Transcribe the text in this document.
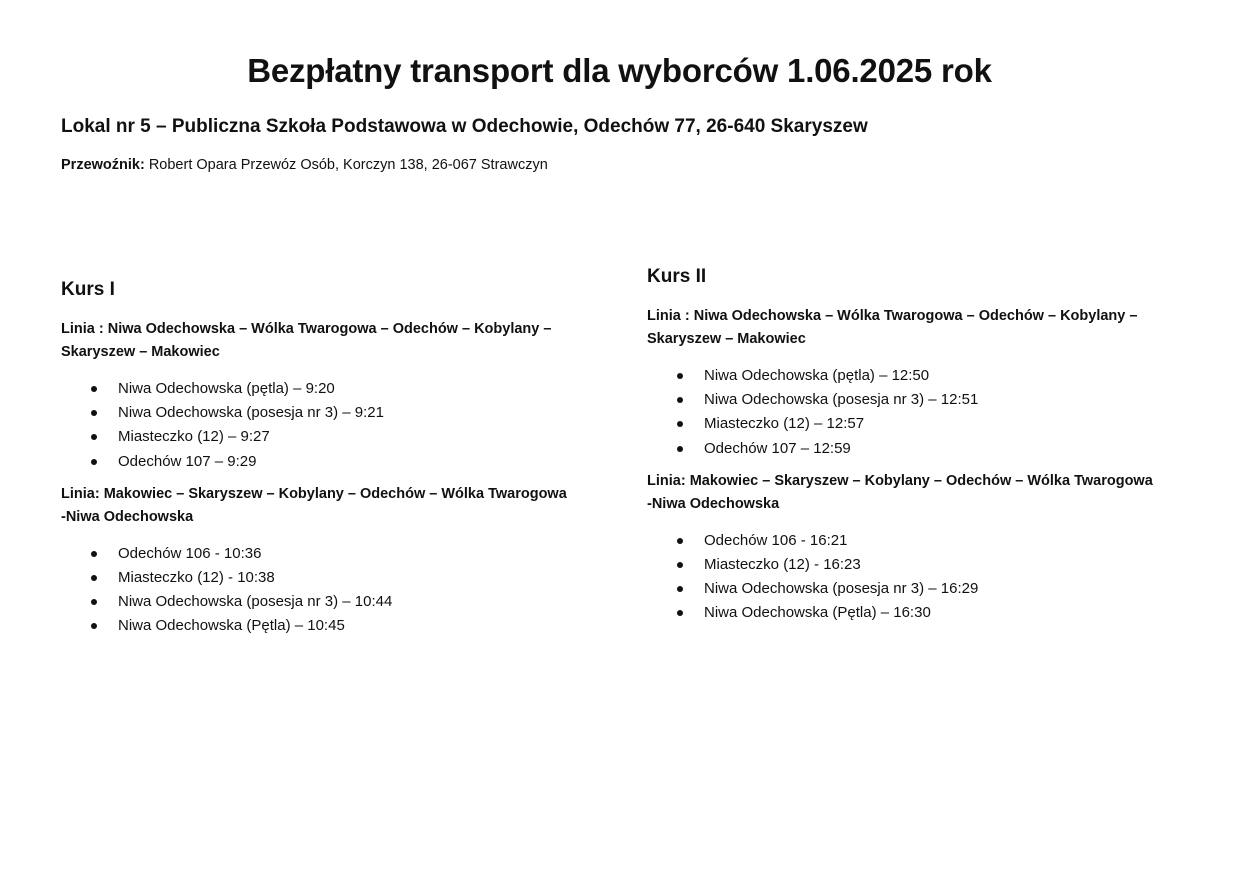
Bezpłatny transport dla wyborców 1.06.2025 rok
Lokal nr 5 – Publiczna Szkoła Podstawowa w Odechowie, Odechów 77, 26-640 Skaryszew

Przewoźnik: Robert Opara Przewóz Osób, Korczyn 138, 26-067 Strawczyn

Kurs I
Linia : Niwa Odechowska – Wólka Twarogowa – Odechów – Kobylany –
Skaryszew – Makowiec
Niwa Odechowska (pętla) – 9:20
Niwa Odechowska (posesja nr 3) – 9:21
Miasteczko (12) – 9:27
Odechów 107 – 9:29
Linia: Makowiec – Skaryszew – Kobylany – Odechów – Wólka Twarogowa
-Niwa Odechowska
Odechów 106 - 10:36
Miasteczko (12) - 10:38
Niwa Odechowska (posesja nr 3) – 10:44
Niwa Odechowska (Pętla) – 10:45
Kurs II
Linia : Niwa Odechowska – Wólka Twarogowa – Odechów – Kobylany –
Skaryszew – Makowiec
Niwa Odechowska (pętla) – 12:50
Niwa Odechowska (posesja nr 3) – 12:51
Miasteczko (12) – 12:57
Odechów 107 – 12:59
Linia: Makowiec – Skaryszew – Kobylany – Odechów – Wólka Twarogowa
-Niwa Odechowska
Odechów 106 - 16:21
Miasteczko (12) - 16:23
Niwa Odechowska (posesja nr 3) – 16:29
Niwa Odechowska (Pętla) – 16:30
